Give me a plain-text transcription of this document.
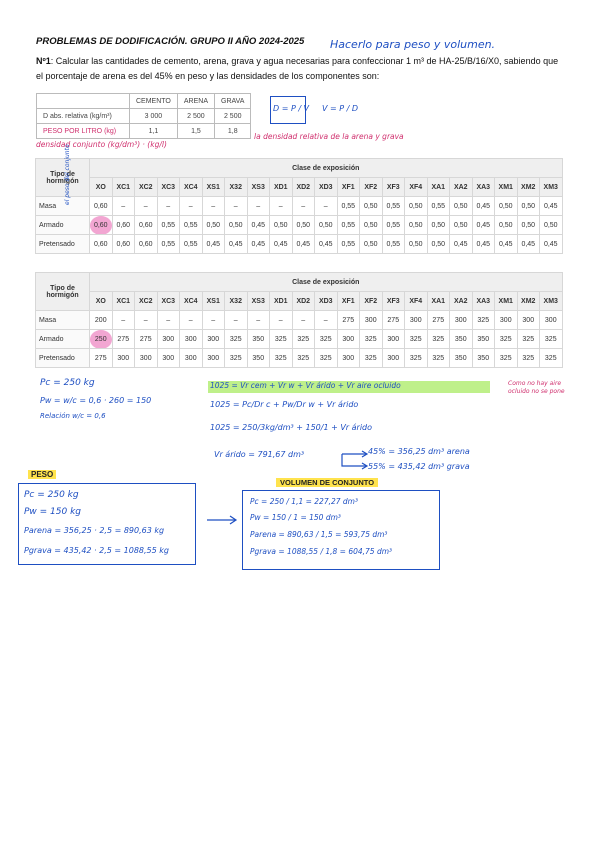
PROBLEMAS DE DODIFICACIÓN. GRUPO II AÑO 2024-2025 Hacerlo para peso y volumen.
Nº1: Calcular las cantidades de cemento, arena, grava y agua necesarias para confeccionar 1 m³ de HA-25/B/16/X0, sabiendo que el porcentaje de arena es del 45% en peso y las densidades de los componentes son:
	CEMENTO	ARENA	GRAVA
D abs. relativa (kg/m³)	3 000	2 500	2 500
PESO POR LITRO (kg)	1,1	1,5	1,8
densidad conjunto (kg/dm³) · (kg/l)
D = P / V V = P / D
la densidad relativa de la arena y grava
Tipo de hormigón	Clase de exposición																				
	XO	XC1	XC2	XC3	XC4	XS1	X32	XS3	XD1	XD2	XD3	XF1	XF2	XF3	XF4	XA1	XA2	XA3	XM1	XM2	XM3
Masa	0,60	–	–	–	–	–	–	–	–	–	–	0,55	0,50	0,55	0,50	0,55	0,50	0,45	0,50	0,50	0,45
Armado	0,60	0,60	0,60	0,55	0,55	0,50	0,50	0,45	0,50	0,50	0,50	0,55	0,50	0,55	0,50	0,50	0,50	0,45	0,50	0,50	0,50
Pretensado	0,60	0,60	0,60	0,55	0,55	0,45	0,45	0,45	0,45	0,45	0,45	0,55	0,50	0,55	0,50	0,50	0,45	0,45	0,45	0,45	0,45
el peso del conjunto
Tipo de hormigón	Clase de exposición																				
	XO	XC1	XC2	XC3	XC4	XS1	X32	XS3	XD1	XD2	XD3	XF1	XF2	XF3	XF4	XA1	XA2	XA3	XM1	XM2	XM3
Masa	200	–	–	–	–	–	–	–	–	–	–	275	300	275	300	275	300	325	300	300	300
Armado	250	275	275	300	300	300	325	350	325	325	325	300	325	300	325	325	350	350	325	325	325
Pretensado	275	300	300	300	300	300	325	350	325	325	325	300	325	300	325	325	350	350	325	325	325
Pc = 250 kg
Pw = w/c = 0,6 · 260 = 150
Relación w/c = 0,6
1025 = Vr cem + Vr w + Vr árido + Vr aire ocluido	Como no hay aire ocluido no se pone
1025 = Pc/Dr c + Pw/Dr w + Vr árido
1025 = 250/3kg/dm³ + 150/1 + Vr árido
Vr árido = 791,67 dm³	45% = 356,25 dm³ arena
55% = 435,42 dm³ grava
PESO
Pc = 250 kg
Pw = 150 kg
Parena = 356,25 · 2,5 = 890,63 kg
Pgrava = 435,42 · 2,5 = 1088,55 kg
VOLUMEN DE CONJUNTO
Pc = 250 / 1,1 = 227,27 dm³
Pw = 150 / 1 = 150 dm³
Parena = 890,63 / 1,5 = 593,75 dm³
Pgrava = 1088,55 / 1,8 = 604,75 dm³
